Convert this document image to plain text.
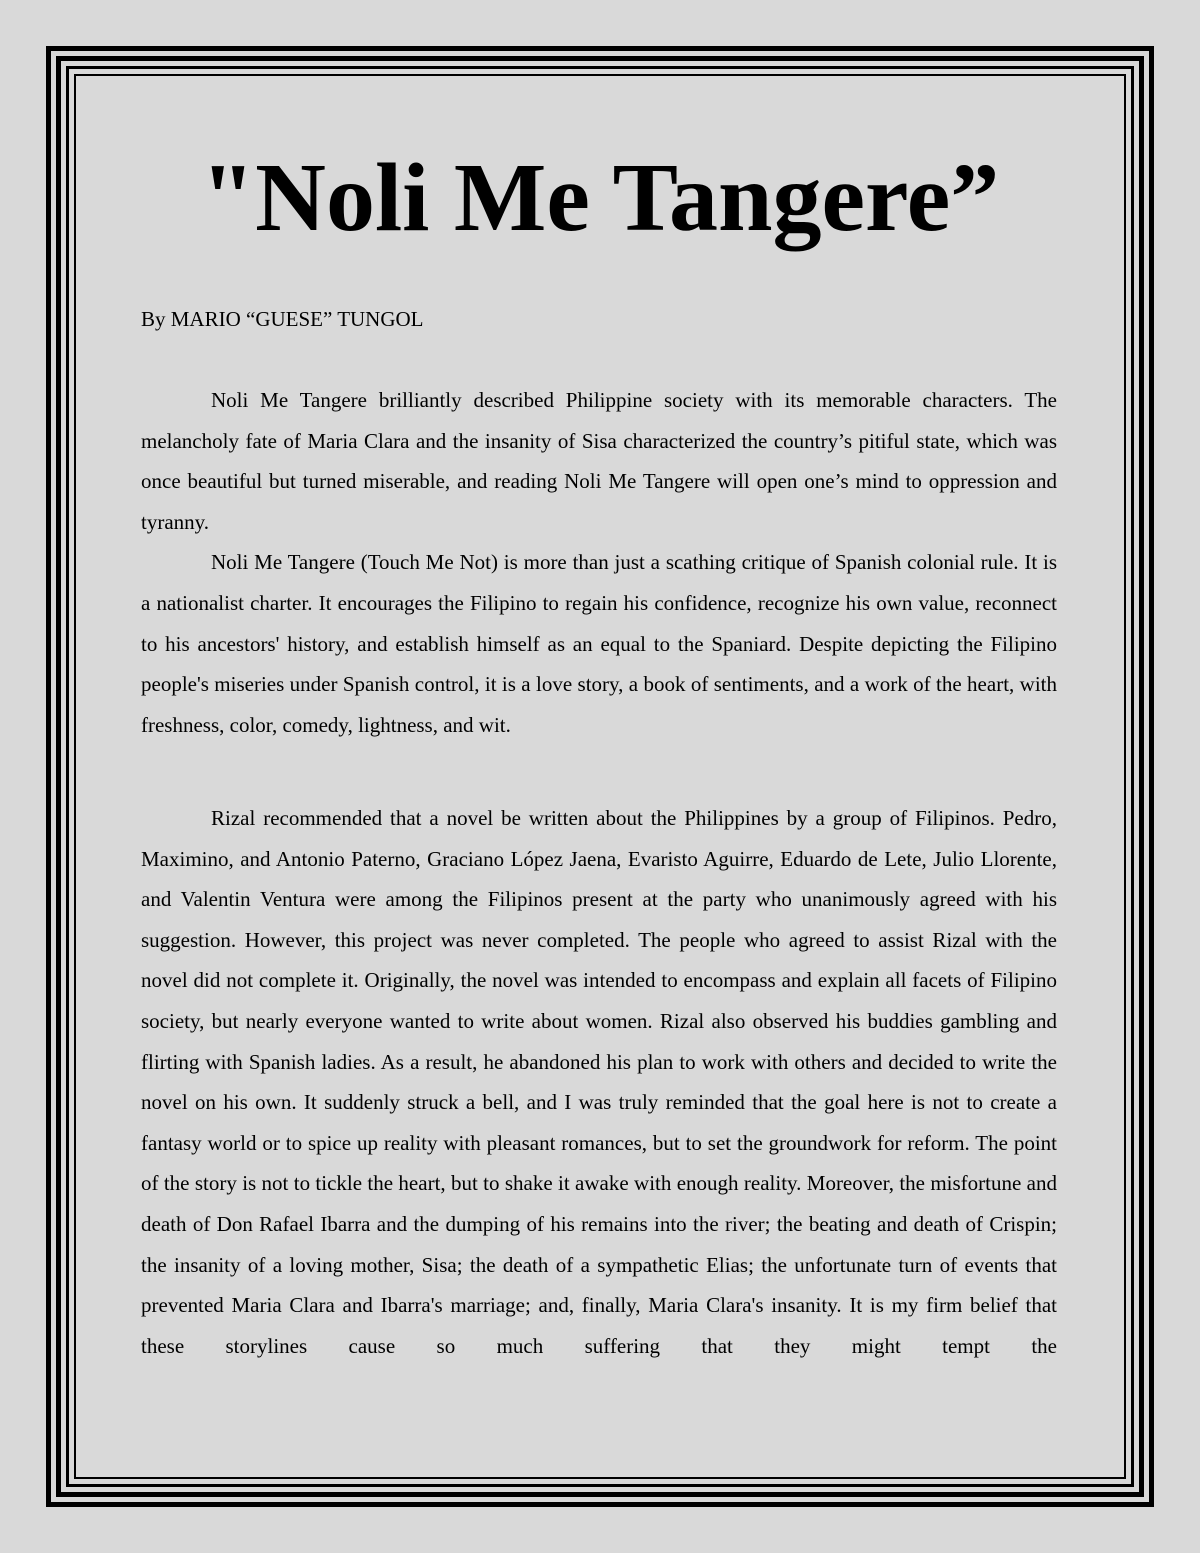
"Noli Me Tangere”

By MARIO “GUESE” TUNGOL

Noli Me Tangere brilliantly described Philippine society with its memorable characters. The melancholy fate of Maria Clara and the insanity of Sisa characterized the country’s pitiful state, which was once beautiful but turned miserable, and reading Noli Me Tangere will open one’s mind to oppression and tyranny.

Noli Me Tangere (Touch Me Not) is more than just a scathing critique of Spanish colonial rule. It is a nationalist charter. It encourages the Filipino to regain his confidence, recognize his own value, reconnect to his ancestors' history, and establish himself as an equal to the Spaniard. Despite depicting the Filipino people's miseries under Spanish control, it is a love story, a book of sentiments, and a work of the heart, with freshness, color, comedy, lightness, and wit.

Rizal recommended that a novel be written about the Philippines by a group of Filipinos. Pedro, Maximino, and Antonio Paterno, Graciano López Jaena, Evaristo Aguirre, Eduardo de Lete, Julio Llorente, and Valentin Ventura were among the Filipinos present at the party who unanimously agreed with his suggestion. However, this project was never completed. The people who agreed to assist Rizal with the novel did not complete it. Originally, the novel was intended to encompass and explain all facets of Filipino society, but nearly everyone wanted to write about women. Rizal also observed his buddies gambling and flirting with Spanish ladies. As a result, he abandoned his plan to work with others and decided to write the novel on his own. It suddenly struck a bell, and I was truly reminded that the goal here is not to create a fantasy world or to spice up reality with pleasant romances, but to set the groundwork for reform. The point of the story is not to tickle the heart, but to shake it awake with enough reality. Moreover, the misfortune and death of Don Rafael Ibarra and the dumping of his remains into the river; the beating and death of Crispin; the insanity of a loving mother, Sisa; the death of a sympathetic Elias; the unfortunate turn of events that prevented Maria Clara and Ibarra's marriage; and, finally, Maria Clara's insanity. It is my firm belief that these storylines cause so much suffering that they might tempt the
